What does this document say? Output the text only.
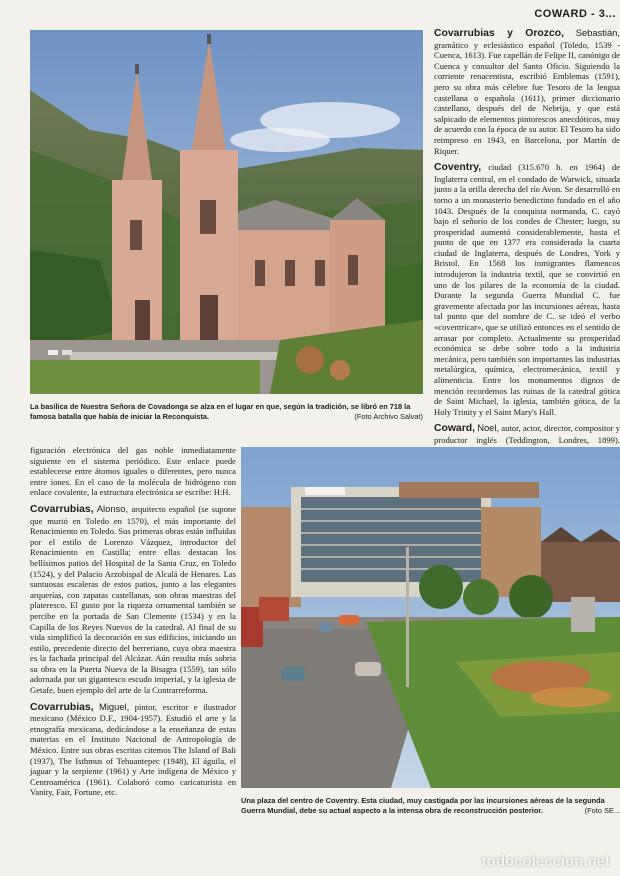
COWARD - 3...
La basílica de Nuestra Señora de Covadonga se alza en el lugar en que, según la tradición, se libró en 718 la famosa batalla que había de iniciar la Reconquista.	(Foto Archivo Salvat)
Covarrubias y Orozco, Sebastián, gramático y eclesiástico español (Toledo, 1539 - Cuenca, 1613). Fue capellán de Felipe II, canónigo de Cuenca y consultor del Santo Oficio. Siguiendo la corriente renacentista, escribió Emblemas (1591), pero su obra más célebre fue Tesoro de la lengua castellana o española (1611), primer diccionario castellano, después del de Nebrija, y que está salpicado de elementos pintorescos anecdóticos, muy de acuerdo con la época de su autor. El Tesoro ha sido reimpreso en 1943, en Barcelona, por Martín de Riquer.
Coventry, ciudad (315.670 h. en 1964) de Inglaterra central, en el condado de Warwick, situada junto a la orilla derecha del río Avon. Se desarrolló en torno a un monasterio benedictino fundado en el año 1043. Después de la conquista normanda, C. cayó bajo el señorío de los condes de Chester; luego, su prosperidad aumentó considerablemente, hasta el punto de que en 1377 era considerada la cuarta ciudad de Inglaterra, después de Londres, York y Bristol. En 1568 los inmigrantes flamencos introdujeron la industria textil, que se convirtió en uno de los pilares de la economía de la ciudad. Durante la segunda Guerra Mundial C. fue gravemente afectada por las incursiones aéreas, hasta tal punto que del nombre de C. se ideó el verbo «coventricar», que se utilizó entonces en el sentido de arrasar por completo. Actualmente su prosperidad económica se debe sobre todo a la industria mecánica, pero también son importantes las industrias metalúrgica, química, electromecánica, textil y alimenticia. Entre los monumentos dignos de mención recordemos las ruinas de la catedral gótica de Saint Michael, la iglesia, también gótica, de la Holy Trinity y el Saint Mary's Hall.
Coward, Noel, autor, actor, director, compositor y productor inglés (Teddington, Londres, 1899).
figuración electrónica del gas noble inmediatamente siguiente en el sistema periódico. Este enlace puede establecerse entre átomos iguales o diferentes, pero nunca entre iones. En el caso de la molécula de hidrógeno con enlace covalente, la estructura electrónica se escribe: H:H.
Covarrubias, Alonso, arquitecto español (se supone que murió en Toledo en 1570), el más importante del Renacimiento en Toledo. Sus primeras obras están influidas por el estilo de Lorenzo Vázquez, introductor del Renacimiento en Castilla; entre ellas destacan los bellísimos patios del Hospital de la Santa Cruz, en Toledo (1524), y del Palacio Arzobispal de Alcalá de Henares. Las suntuosas escaleras de estos patios, junto a las elegantes arquerías, con zapatas castellanas, son obras maestras del plateresco. El gusto por la riqueza ornamental también se percibe en la portada de San Clemente (1534) y en la Capilla de los Reyes Nuevos de la catedral. Al final de su vida simplificó la decoración en sus edificios, iniciando un estilo, precedente directo del herreriano, cuya obra maestra es la fachada principal del Alcázar. Aún resulta más sobria su obra en la Puerta Nueva de la Bisagra (1559), tan sólo adornada por un gigantesco escudo imperial, y la iglesia de Getafe, buen ejemplo del arte de la Contrarreforma.
Covarrubias, Miguel, pintor, escritor e ilustrador mexicano (México D.F., 1904-1957). Estudió el arte y la etnografía mexicana, dedicándose a la enseñanza de estas materias en el Instituto Nacional de Antropología de México. Entre sus obras escritas citemos The Island of Bali (1937), The Isthmus of Tehuantepec (1948), El águila, el jaguar y la serpiente (1961) y Arte indígena de México y Centroamérica (1961). Colaboró como caricaturista en Vanity, Fair, Fortune, etc.
Una plaza del centro de Coventry. Esta ciudad, muy castigada por las incursiones aéreas de la segunda Guerra Mundial, debe su actual aspecto a la intensa obra de reconstrucción posterior.	(Foto SE...
todocoleccion.net
